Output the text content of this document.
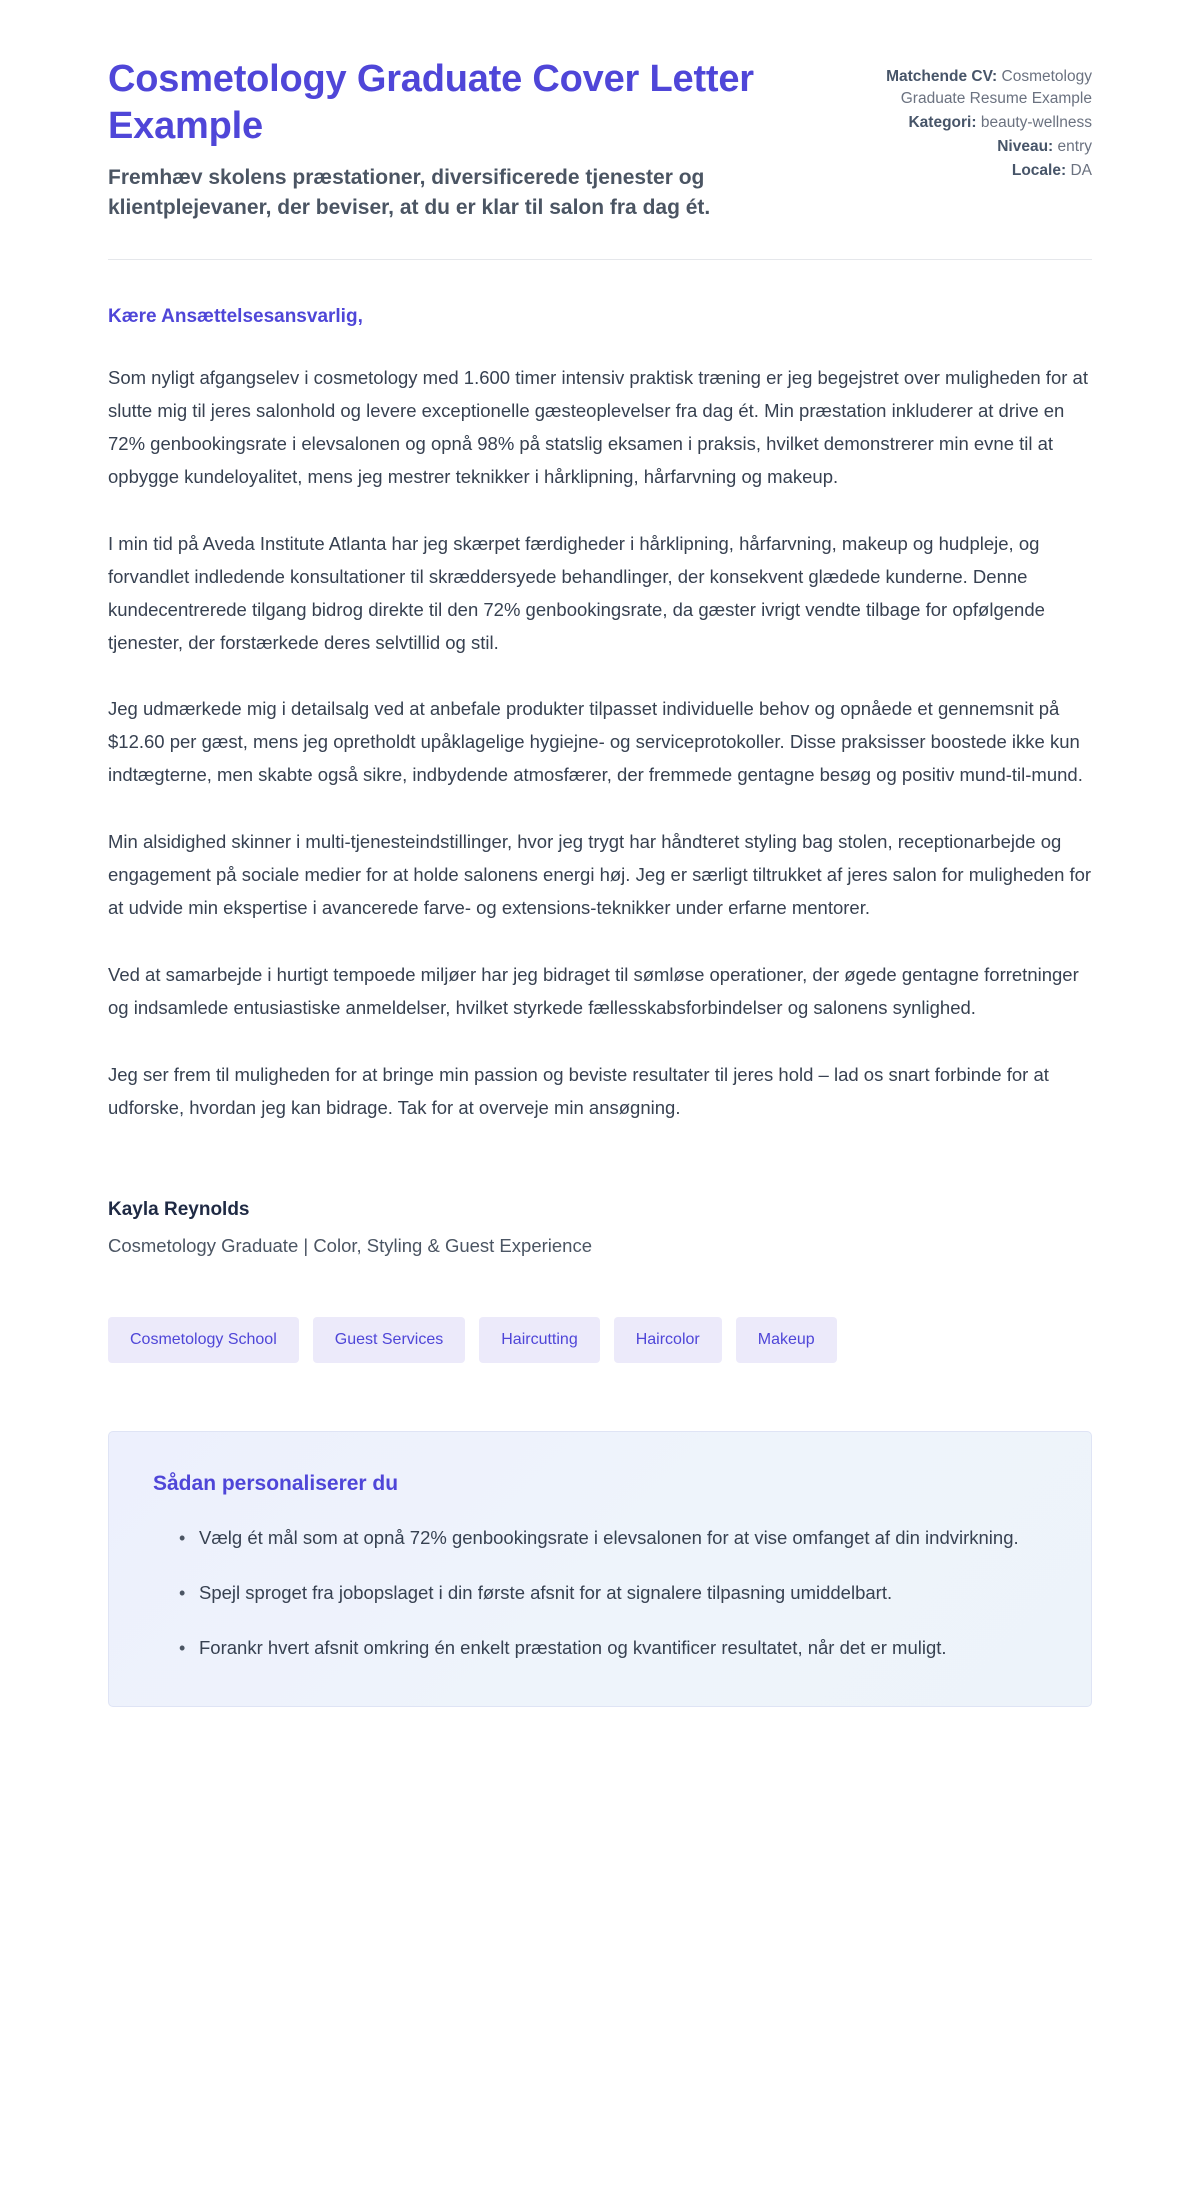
Cosmetology Graduate Cover Letter Example

Fremhæv skolens præstationer, diversificerede tjenester og klientplejevaner, der beviser, at du er klar til salon fra dag ét.

Matchende CV: Cosmetology Graduate Resume Example
Kategori: beauty-wellness
Niveau: entry
Locale: DA

Kære Ansættelsesansvarlig,

Som nyligt afgangselev i cosmetology med 1.600 timer intensiv praktisk træning er jeg begejstret over muligheden for at slutte mig til jeres salonhold og levere exceptionelle gæsteoplevelser fra dag ét. Min præstation inkluderer at drive en 72% genbookingsrate i elevsalonen og opnå 98% på statslig eksamen i praksis, hvilket demonstrerer min evne til at opbygge kundeloyalitet, mens jeg mestrer teknikker i hårklipning, hårfarvning og makeup.

I min tid på Aveda Institute Atlanta har jeg skærpet færdigheder i hårklipning, hårfarvning, makeup og hudpleje, og forvandlet indledende konsultationer til skræddersyede behandlinger, der konsekvent glædede kunderne. Denne kundecentrerede tilgang bidrog direkte til den 72% genbookingsrate, da gæster ivrigt vendte tilbage for opfølgende tjenester, der forstærkede deres selvtillid og stil.

Jeg udmærkede mig i detailsalg ved at anbefale produkter tilpasset individuelle behov og opnåede et gennemsnit på $12.60 per gæst, mens jeg opretholdt upåklagelige hygiejne- og serviceprotokoller. Disse praksisser boostede ikke kun indtægterne, men skabte også sikre, indbydende atmosfærer, der fremmede gentagne besøg og positiv mund-til-mund.

Min alsidighed skinner i multi-tjenesteindstillinger, hvor jeg trygt har håndteret styling bag stolen, receptionarbejde og engagement på sociale medier for at holde salonens energi høj. Jeg er særligt tiltrukket af jeres salon for muligheden for at udvide min ekspertise i avancerede farve- og extensions-teknikker under erfarne mentorer.

Ved at samarbejde i hurtigt tempoede miljøer har jeg bidraget til sømløse operationer, der øgede gentagne forretninger og indsamlede entusiastiske anmeldelser, hvilket styrkede fællesskabsforbindelser og salonens synlighed.

Jeg ser frem til muligheden for at bringe min passion og beviste resultater til jeres hold – lad os snart forbinde for at udforske, hvordan jeg kan bidrage. Tak for at overveje min ansøgning.

Kayla Reynolds

Cosmetology Graduate | Color, Styling & Guest Experience

Cosmetology School	Guest Services	Haircutting	Haircolor	Makeup
Sådan personaliserer du
• Vælg ét mål som at opnå 72% genbookingsrate i elevsalonen for at vise omfanget af din indvirkning.
• Spejl sproget fra jobopslaget i din første afsnit for at signalere tilpasning umiddelbart.
• Forankr hvert afsnit omkring én enkelt præstation og kvantificer resultatet, når det er muligt.
